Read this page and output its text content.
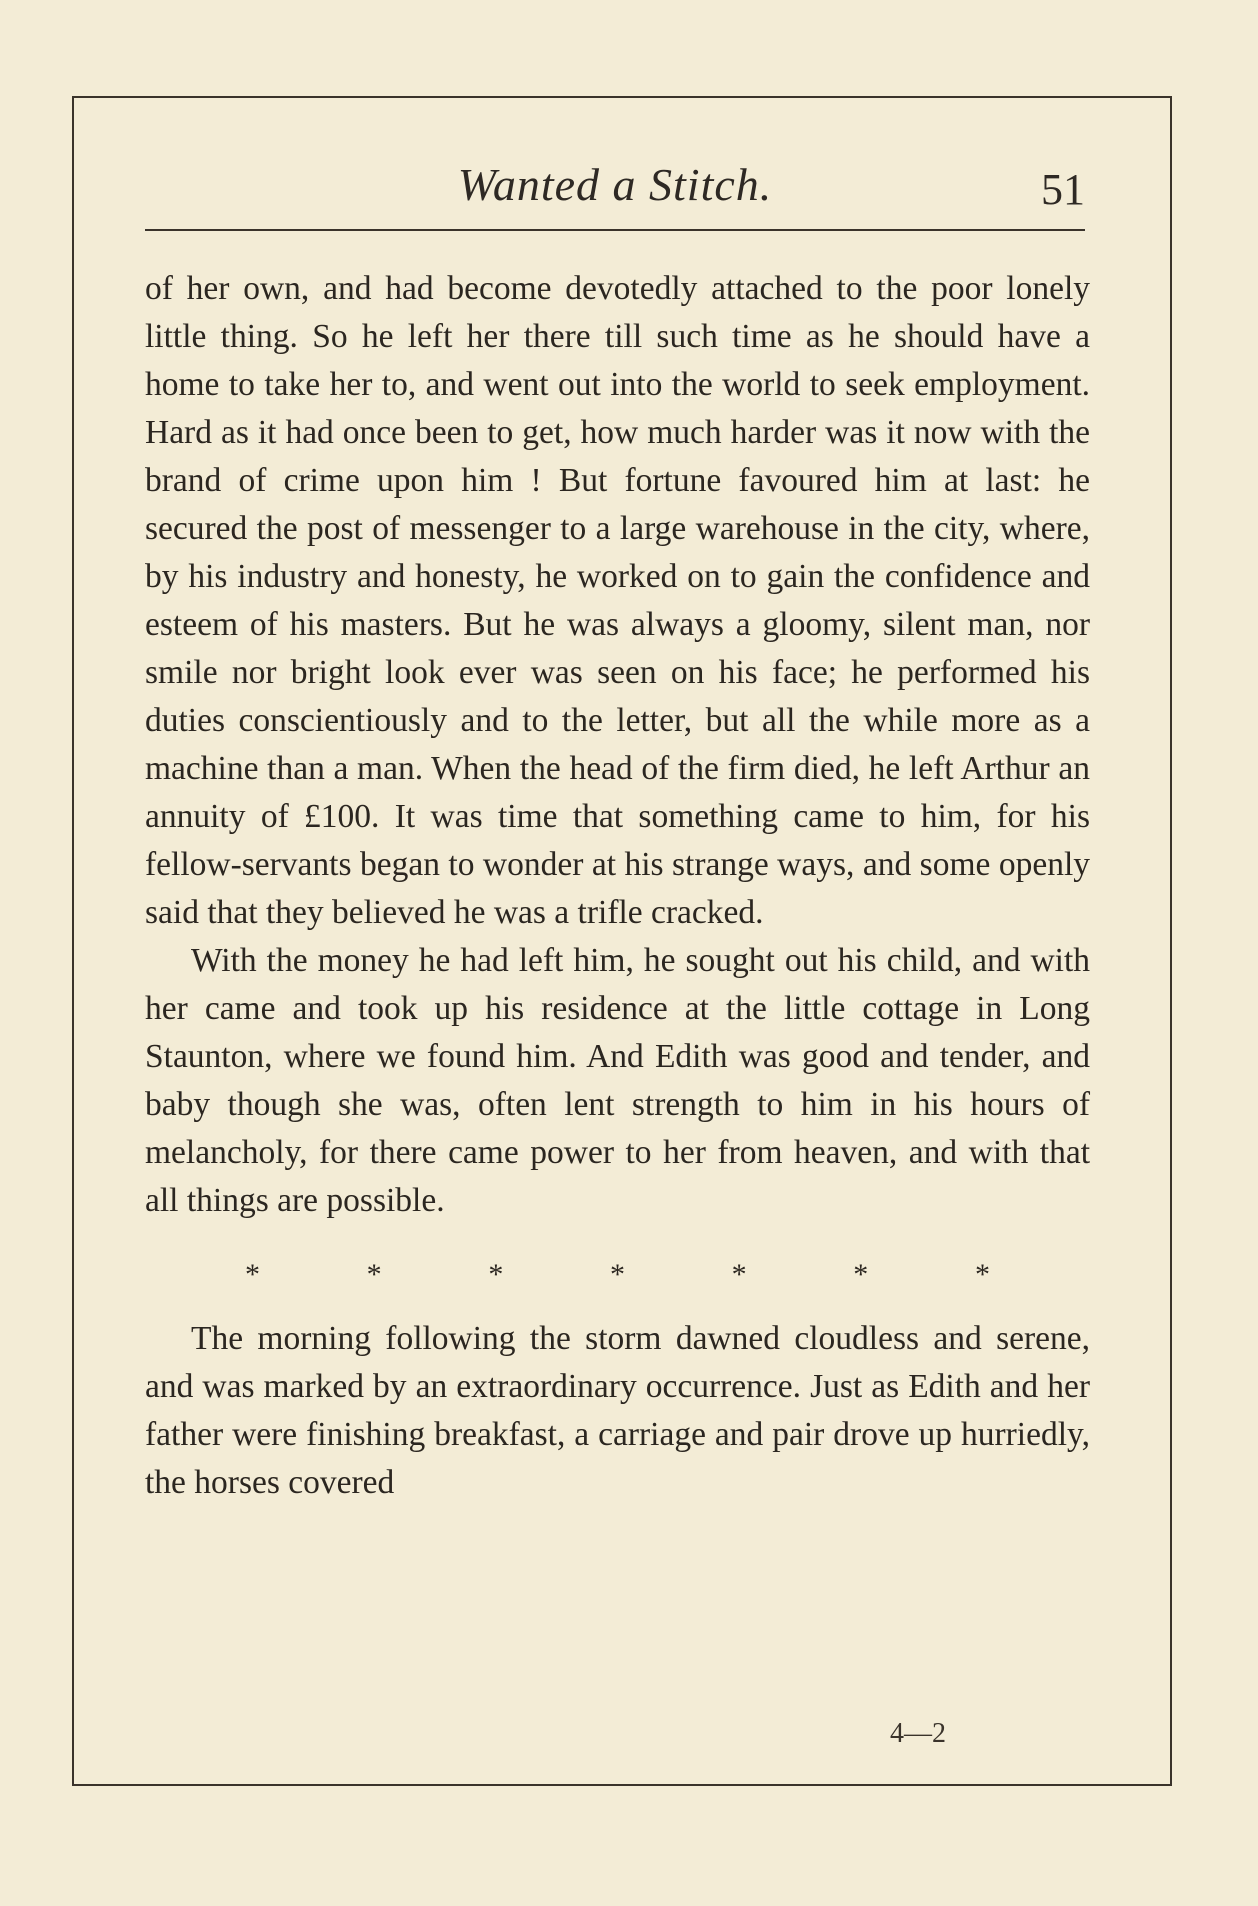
Wanted a Stitch.	51

of her own, and had become devotedly attached to the poor lonely little thing. So he left her there till such time as he should have a home to take her to, and went out into the world to seek employment. Hard as it had once been to get, how much harder was it now with the brand of crime upon him ! But fortune favoured him at last: he secured the post of messenger to a large warehouse in the city, where, by his industry and honesty, he worked on to gain the confidence and esteem of his masters. But he was always a gloomy, silent man, nor smile nor bright look ever was seen on his face; he performed his duties conscientiously and to the letter, but all the while more as a machine than a man. When the head of the firm died, he left Arthur an annuity of £100. It was time that something came to him, for his fellow-servants began to wonder at his strange ways, and some openly said that they believed he was a trifle cracked.

With the money he had left him, he sought out his child, and with her came and took up his residence at the little cottage in Long Staunton, where we found him. And Edith was good and tender, and baby though she was, often lent strength to him in his hours of melancholy, for there came power to her from heaven, and with that all things are possible.

*	*	*	*	*	*	*

The morning following the storm dawned cloudless and serene, and was marked by an extraordinary occurrence. Just as Edith and her father were finishing breakfast, a carriage and pair drove up hurriedly, the horses covered

4—2
